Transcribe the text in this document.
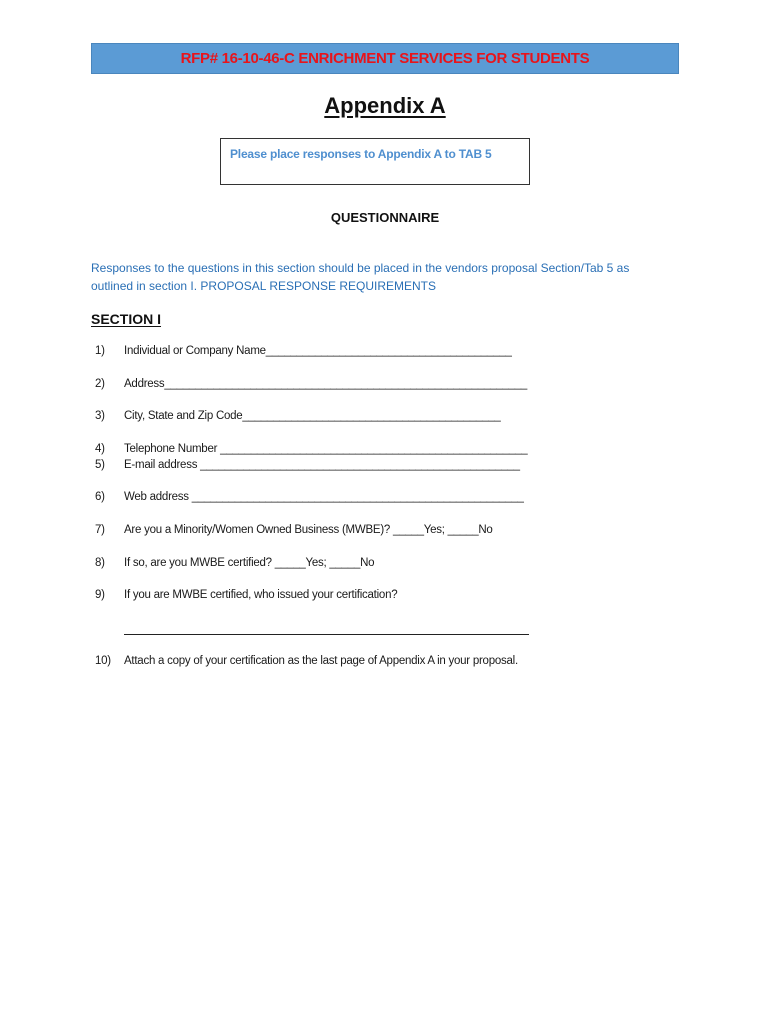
RFP# 16-10-46-C ENRICHMENT SERVICES FOR STUDENTS
Appendix A
Please place responses to Appendix A to TAB 5
QUESTIONNAIRE
Responses to the questions in this section should be placed in the vendors proposal Section/Tab 5 as
outlined in section I. PROPOSAL RESPONSE REQUIREMENTS
SECTION I
1) Individual or Company Name________________________________________
2) Address___________________________________________________________
3) City, State and Zip Code__________________________________________
4) Telephone Number __________________________________________________
5) E-mail address ____________________________________________________
6) Web address ______________________________________________________
7) Are you a Minority/Women Owned Business (MWBE)? _____Yes; _____No
8) If so, are you MWBE certified? _____Yes; _____No
9) If you are MWBE certified, who issued your certification?
10) Attach a copy of your certification as the last page of Appendix A in your proposal.
